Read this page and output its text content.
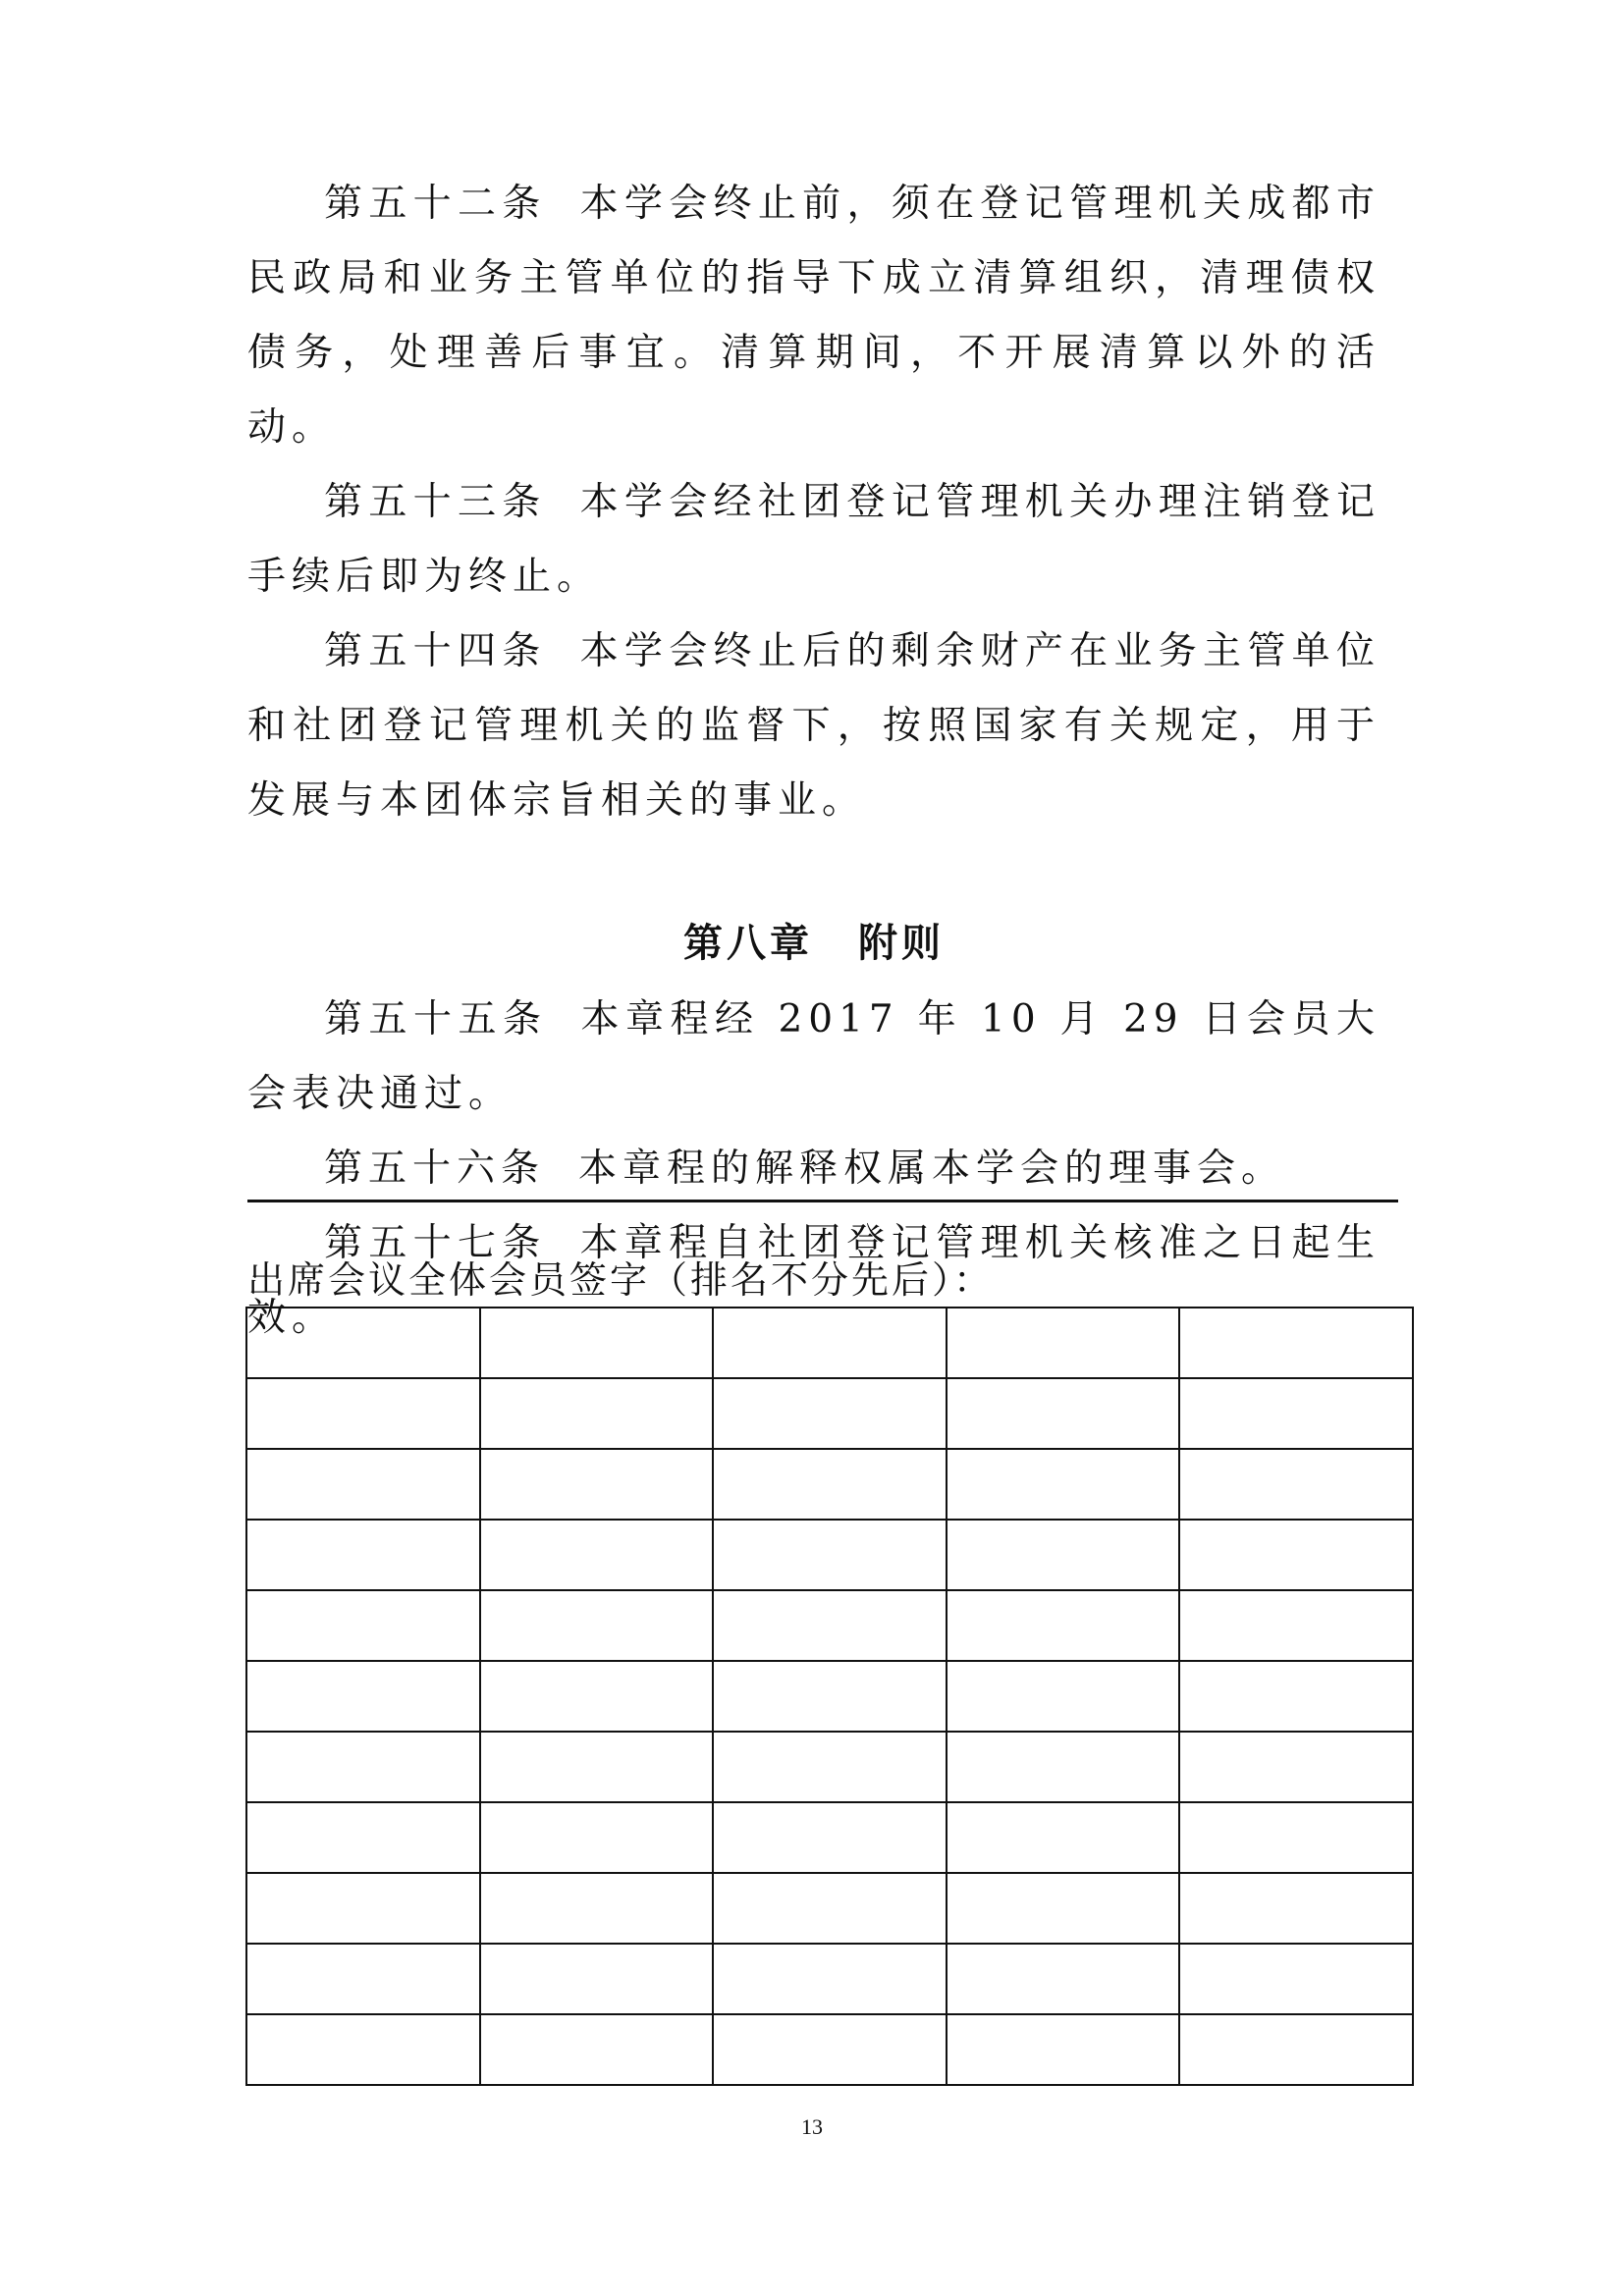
第五十二条 本学会终止前，须在登记管理机关成都市民政局和业务主管单位的指导下成立清算组织，清理债权债务，处理善后事宜。清算期间，不开展清算以外的活动。

第五十三条 本学会经社团登记管理机关办理注销登记手续后即为终止。

第五十四条 本学会终止后的剩余财产在业务主管单位和社团登记管理机关的监督下，按照国家有关规定，用于发展与本团体宗旨相关的事业。

第八章 附则

第五十五条 本章程经 2017 年 10 月 29 日会员大会表决通过。

第五十六条 本章程的解释权属本学会的理事会。

第五十七条 本章程自社团登记管理机关核准之日起生效。

出席会议全体会员签字（排名不分先后）：

13
